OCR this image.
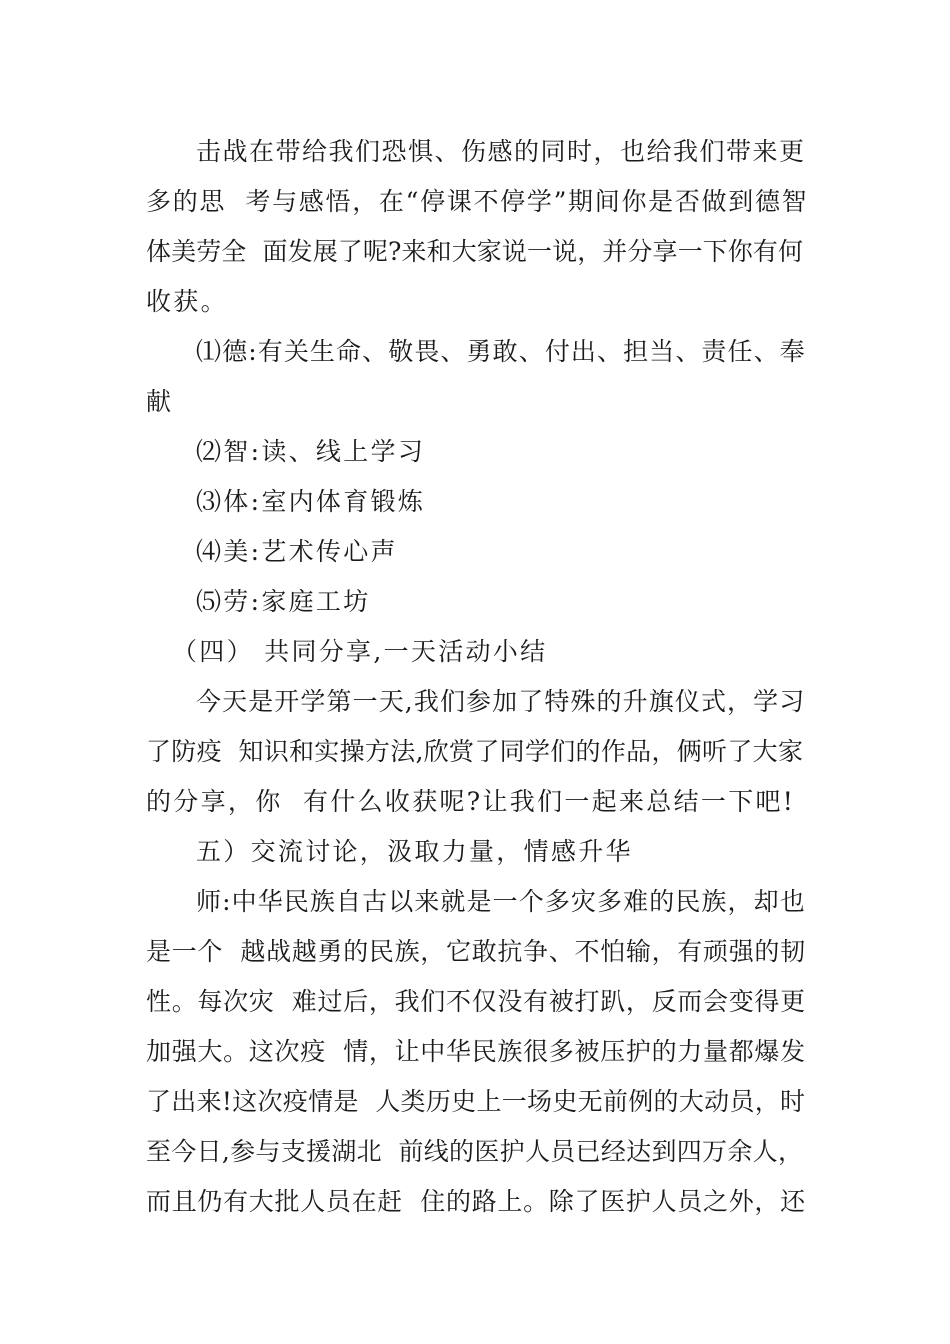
击战在带给我们恐惧、伤感的同时，也给我们带来更
多的思  考与感悟，在“停课不停学”期间你是否做到德智
体美劳全  面发展了呢?来和大家说一说，并分享一下你有何
收获。
⑴德:有关生命、敬畏、勇敢、付出、担当、责任、奉
献
⑵智:读、线上学习
⑶体:室内体育锻炼
⑷美:艺术传心声
⑸劳:家庭工坊
（四） 共同分享,一天活动小结
今天是开学第一天,我们参加了特殊的升旗仪式，学习
了防疫  知识和实操方法,欣赏了同学们的作品，俩听了大家
的分享，你  有什么收获呢?让我们一起来总结一下吧!
五）交流讨论，汲取力量，情感升华
师:中华民族自古以来就是一个多灾多难的民族，却也
是一个  越战越勇的民族，它敢抗争、不怕输，有顽强的韧
性。每次灾  难过后，我们不仅没有被打趴，反而会变得更
加强大。这次疫  情，让中华民族很多被压护的力量都爆发
了出来!这次疫情是  人类历史上一场史无前例的大动员，时
至今日,参与支援湖北  前线的医护人员已经达到四万余人，
而且仍有大批人员在赶  住的路上。除了医护人员之外，还
